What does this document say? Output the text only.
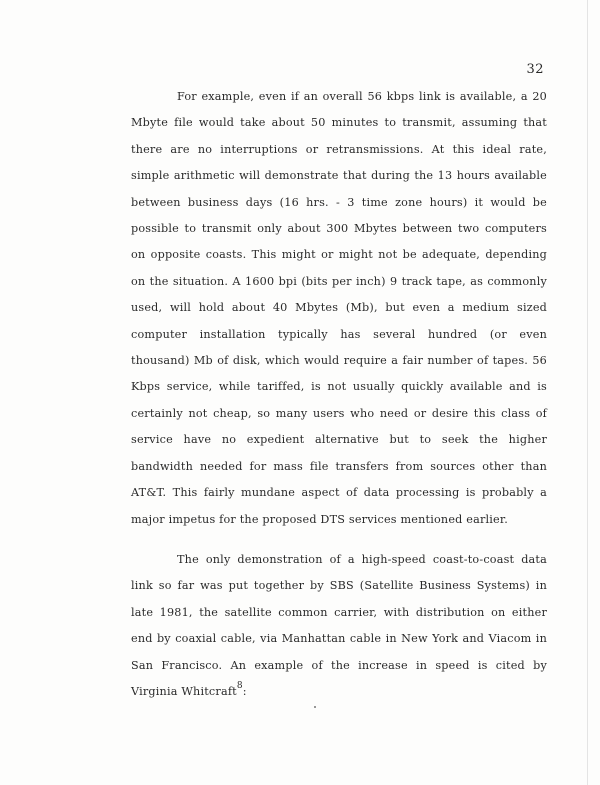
32

For example, even if an overall 56 kbps link is available, a 20 Mbyte file would take about 50 minutes to transmit, assuming that there are no interruptions or retransmissions. At this ideal rate, simple arithmetic will demonstrate that during the 13 hours available between business days (16 hrs. - 3 time zone hours) it would be possible to transmit only about 300 Mbytes between two computers on opposite coasts. This might or might not be adequate, depending on the situation. A 1600 bpi (bits per inch) 9 track tape, as commonly used, will hold about 40 Mbytes (Mb), but even a medium sized computer installation typically has several hundred (or even thousand) Mb of disk, which would require a fair number of tapes. 56 Kbps service, while tariffed, is not usually quickly available and is certainly not cheap, so many users who need or desire this class of service have no expedient alternative but to seek the higher bandwidth needed for mass file transfers from sources other than AT&T. This fairly mundane aspect of data processing is probably a major impetus for the proposed DTS services mentioned earlier.

The only demonstration of a high-speed coast-to-coast data link so far was put together by SBS (Satellite Business Systems) in late 1981, the satellite common carrier, with distribution on either end by coaxial cable, via Manhattan cable in New York and Viacom in San Francisco. An example of the increase in speed is cited by Virginia Whitcraft$^8$:
